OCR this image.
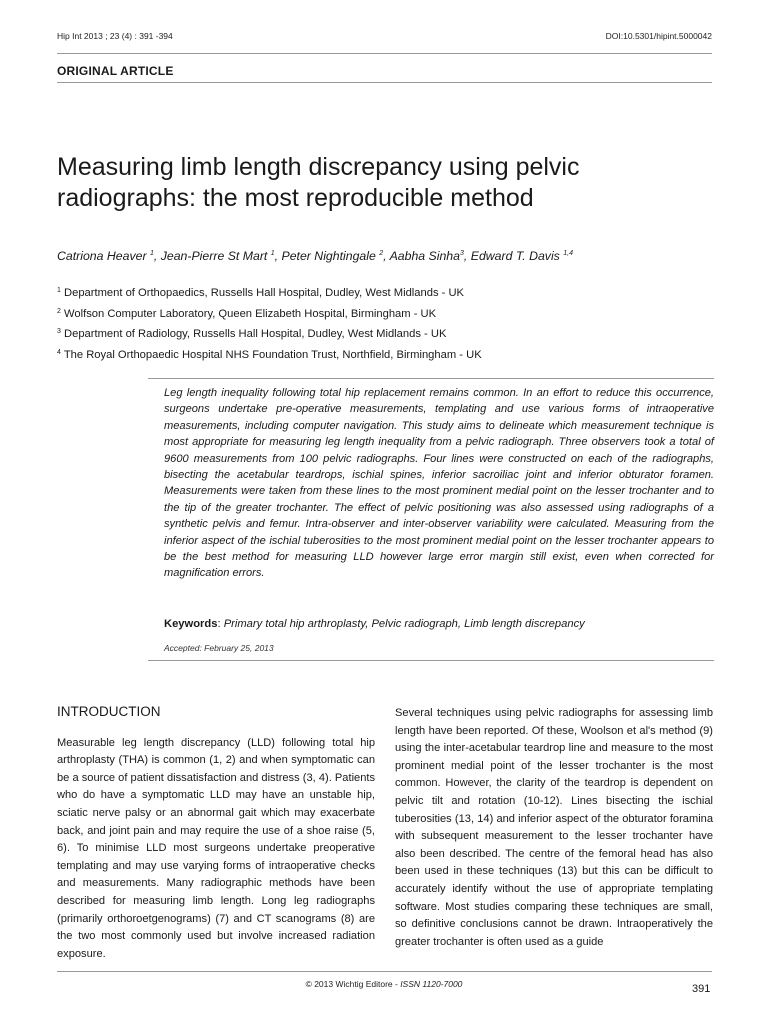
Hip Int 2013 ; 23 (4) : 391 -394	DOI:10.5301/hipint.5000042
ORIGINAL ARTICLE
Measuring limb length discrepancy using pelvic radiographs: the most reproducible method
Catriona Heaver $^1$, Jean-Pierre St Mart $^1$, Peter Nightingale $^2$, Aabha Sinha$^3$, Edward T. Davis $^{1,4}$
$^1$ Department of Orthopaedics, Russells Hall Hospital, Dudley, West Midlands - UK
$^2$ Wolfson Computer Laboratory, Queen Elizabeth Hospital, Birmingham - UK
$^3$ Department of Radiology, Russells Hall Hospital, Dudley, West Midlands - UK
$^4$ The Royal Orthopaedic Hospital NHS Foundation Trust, Northfield, Birmingham - UK
Leg length inequality following total hip replacement remains common. In an effort to reduce this occurrence, surgeons undertake pre-operative measurements, templating and use various forms of intraoperative measurements, including computer navigation. This study aims to delineate which measurement technique is most appropriate for measuring leg length inequality from a pelvic radiograph. Three observers took a total of 9600 measurements from 100 pelvic radiographs. Four lines were constructed on each of the radiographs, bisecting the acetabular teardrops, ischial spines, inferior sacroiliac joint and inferior obturator foramen. Measurements were taken from these lines to the most prominent medial point on the lesser trochanter and to the tip of the greater trochanter. The effect of pelvic positioning was also assessed using radiographs of a synthetic pelvis and femur. Intra-observer and inter-observer variability were calculated. Measuring from the inferior aspect of the ischial tuberosities to the most prominent medial point on the lesser trochanter appears to be the best method for measuring LLD however large error margin still exist, even when corrected for magnification errors.
Keywords: Primary total hip arthroplasty, Pelvic radiograph, Limb length discrepancy
Accepted: February 25, 2013
INTRODUCTION

Measurable leg length discrepancy (LLD) following total hip arthroplasty (THA) is common (1, 2) and when symptomatic can be a source of patient dissatisfaction and distress (3, 4). Patients who do have a symptomatic LLD may have an unstable hip, sciatic nerve palsy or an abnormal gait which may exacerbate back, and joint pain and may require the use of a shoe raise (5, 6). To minimise LLD most surgeons undertake preoperative templating and may use varying forms of intraoperative checks and measurements. Many radiographic methods have been described for measuring limb length. Long leg radiographs (primarily orthoroetgenograms) (7) and CT scanograms (8) are the two most commonly used but involve increased radiation exposure.

Several techniques using pelvic radiographs for assessing limb length have been reported. Of these, Woolson et al's method (9) using the inter-acetabular teardrop line and measure to the most prominent medial point of the lesser trochanter is the most common. However, the clarity of the teardrop is dependent on pelvic tilt and rotation (10-12). Lines bisecting the ischial tuberosities (13, 14) and inferior aspect of the obturator foramina with subsequent measurement to the lesser trochanter have also been described. The centre of the femoral head has also been used in these techniques (13) but this can be difficult to accurately identify without the use of appropriate templating software. Most studies comparing these techniques are small, so definitive conclusions cannot be drawn. Intraoperatively the greater trochanter is often used as a guide

© 2013 Wichtig Editore - ISSN 1120-7000	391
